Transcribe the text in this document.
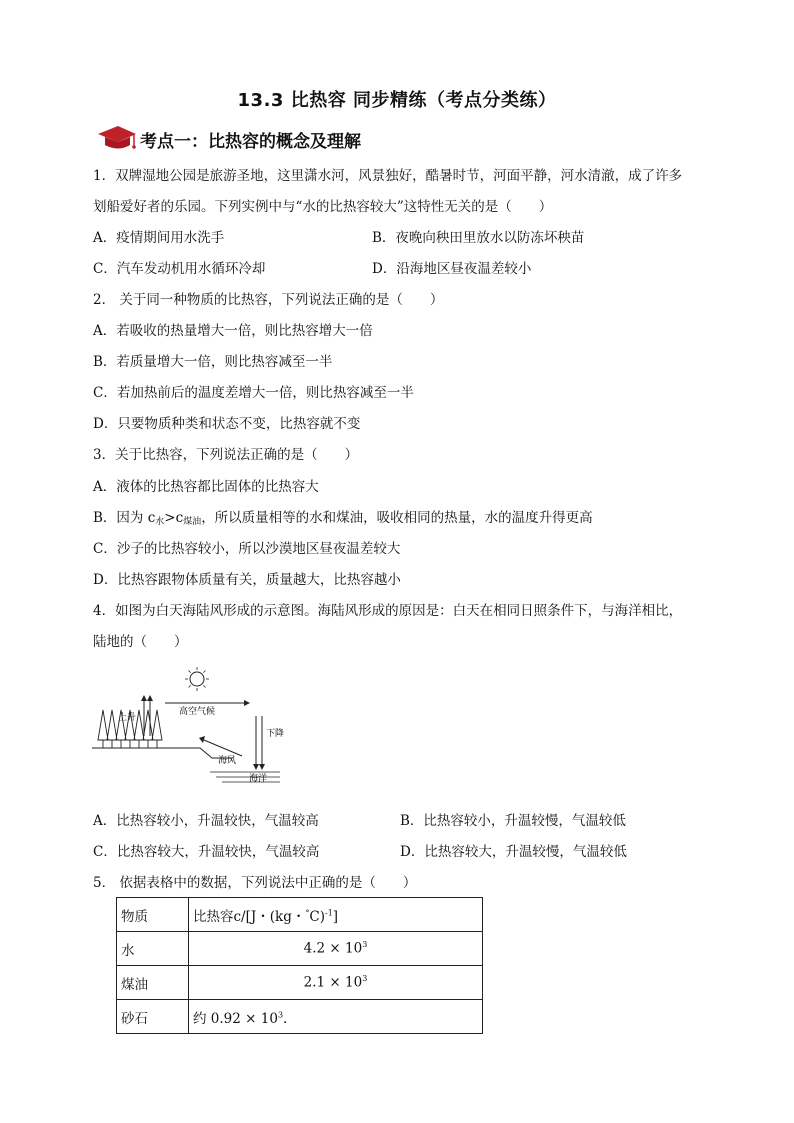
13.3 比热容 同步精练（考点分类练）
考点一：比热容的概念及理解
1．双牌湿地公园是旅游圣地，这里潇水河，风景独好，酷暑时节，河面平静，河水清澈，成了许多
划船爱好者的乐园。下列实例中与“水的比热容较大”这特性无关的是（　　）
A．疫情期间用水洗手	B．夜晚向秧田里放水以防冻坏秧苗
C．汽车发动机用水循环冷却	D．沿海地区昼夜温差较小
2． 关于同一种物质的比热容，下列说法正确的是（　　）
A．若吸收的热量增大一倍，则比热容增大一倍
B．若质量增大一倍，则比热容减至一半
C．若加热前后的温度差增大一倍，则比热容减至一半
D．只要物质种类和状态不变，比热容就不变
3．关于比热容，下列说法正确的是（　　）
A．液体的比热容都比固体的比热容大
B．因为 $c_水>c_{煤油}$，所以质量相等的水和煤油，吸收相同的热量，水的温度升得更高
C．沙子的比热容较小，所以沙漠地区昼夜温差较大
D．比热容跟物体质量有关，质量越大，比热容越小
4．如图为白天海陆风形成的示意图。海陆风形成的原因是：白天在相同日照条件下，与海洋相比，
陆地的（　　）
高空气候
上升
下降
海风
海洋
A．比热容较小，升温较快，气温较高	B．比热容较小，升温较慢，气温较低
C．比热容较大，升温较快，气温较高	D．比热容较大，升温较慢，气温较低
5． 依据表格中的数据，下列说法中正确的是（　　）
物质	比热容c/[J・(kg・°C)$^{-1}$]
水	$4.2 \times 10^3$
煤油	$2.1 \times 10^3$
砂石	约 $0.92 \times 10^3$.
